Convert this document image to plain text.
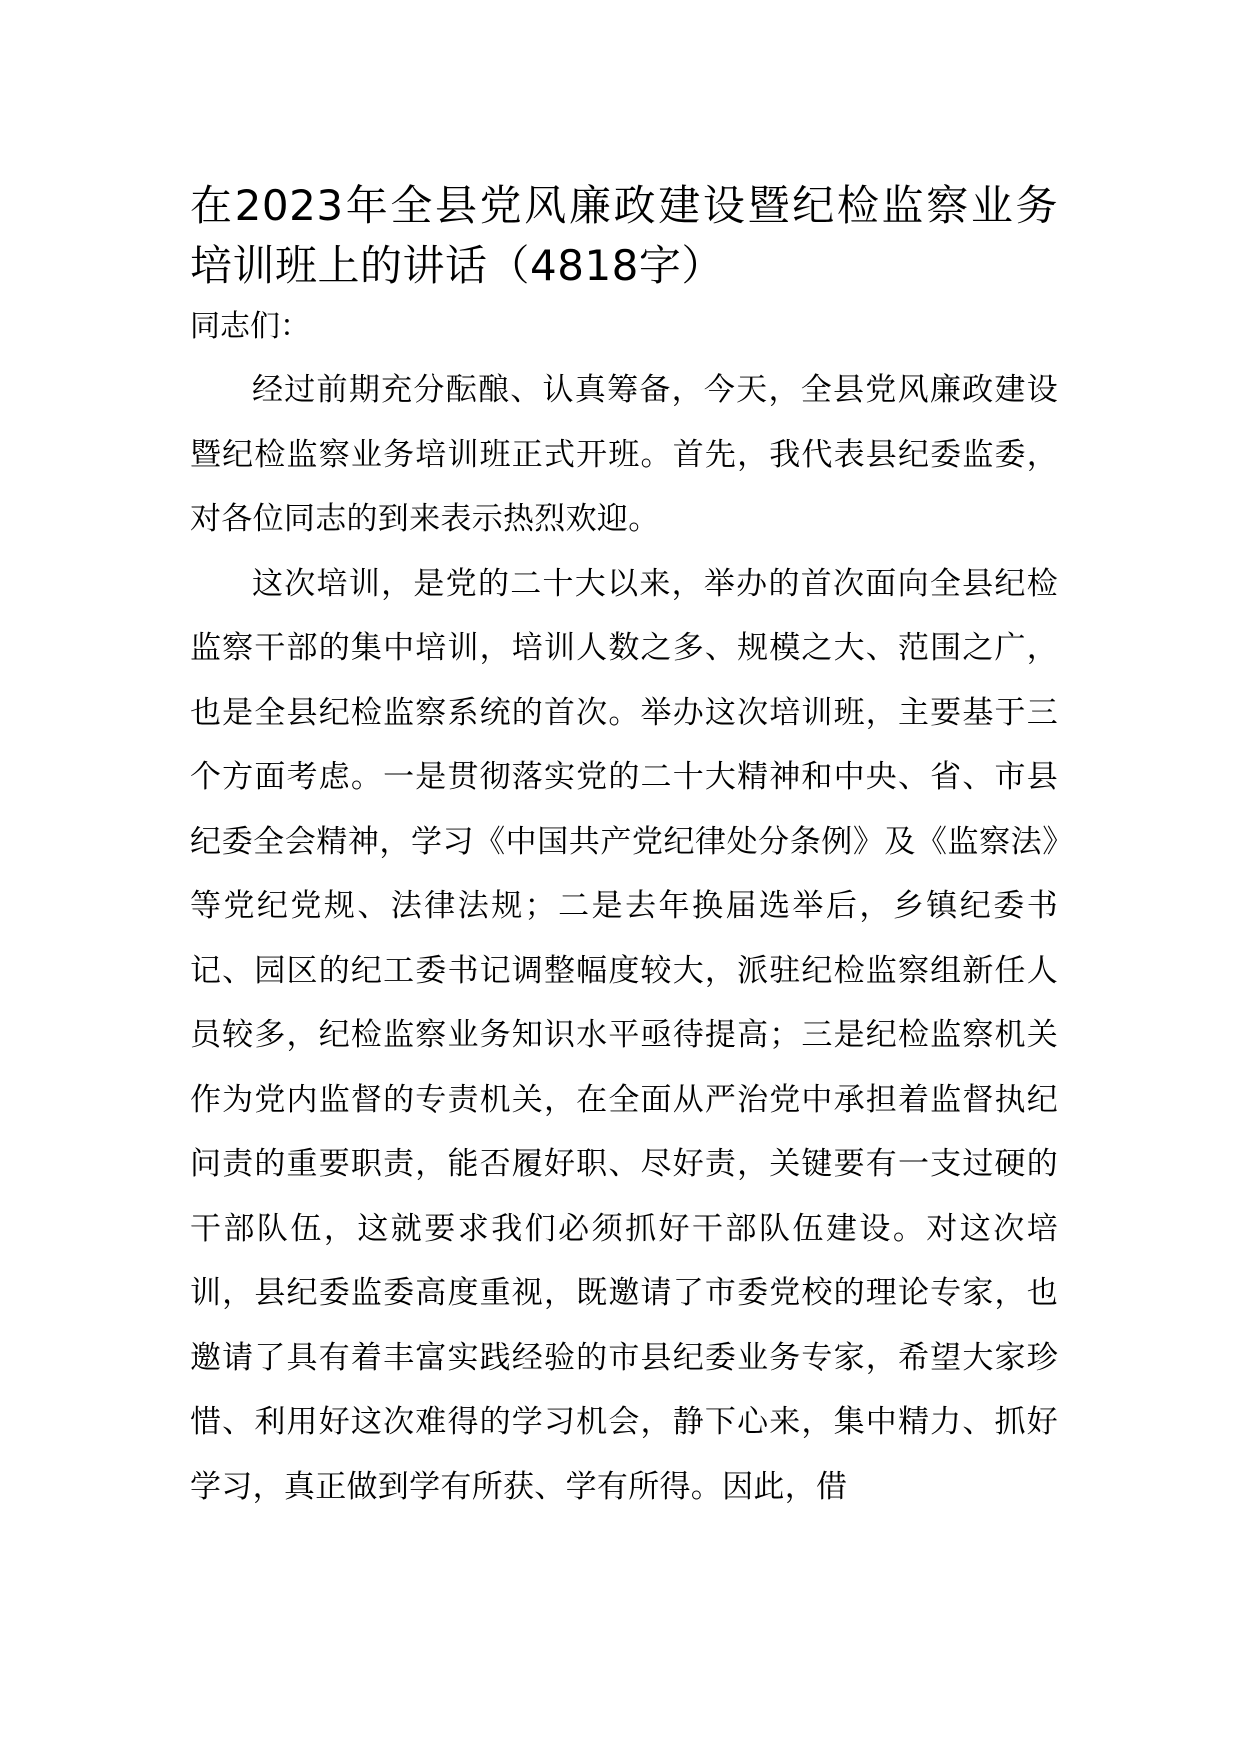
在2023年全县党风廉政建设暨纪检监察业务培训班上的讲话（4818字）

同志们：

经过前期充分酝酿、认真筹备，今天，全县党风廉政建设暨纪检监察业务培训班正式开班。首先，我代表县纪委监委，对各位同志的到来表示热烈欢迎。

这次培训，是党的二十大以来，举办的首次面向全县纪检监察干部的集中培训，培训人数之多、规模之大、范围之广，也是全县纪检监察系统的首次。举办这次培训班，主要基于三个方面考虑。一是贯彻落实党的二十大精神和中央、省、市县纪委全会精神，学习《中国共产党纪律处分条例》及《监察法》等党纪党规、法律法规；二是去年换届选举后，乡镇纪委书记、园区的纪工委书记调整幅度较大，派驻纪检监察组新任人员较多，纪检监察业务知识水平亟待提高；三是纪检监察机关作为党内监督的专责机关，在全面从严治党中承担着监督执纪问责的重要职责，能否履好职、尽好责，关键要有一支过硬的干部队伍，这就要求我们必须抓好干部队伍建设。对这次培训，县纪委监委高度重视，既邀请了市委党校的理论专家，也邀请了具有着丰富实践经验的市县纪委业务专家，希望大家珍惜、利用好这次难得的学习机会，静下心来，集中精力、抓好学习，真正做到学有所获、学有所得。因此，借
